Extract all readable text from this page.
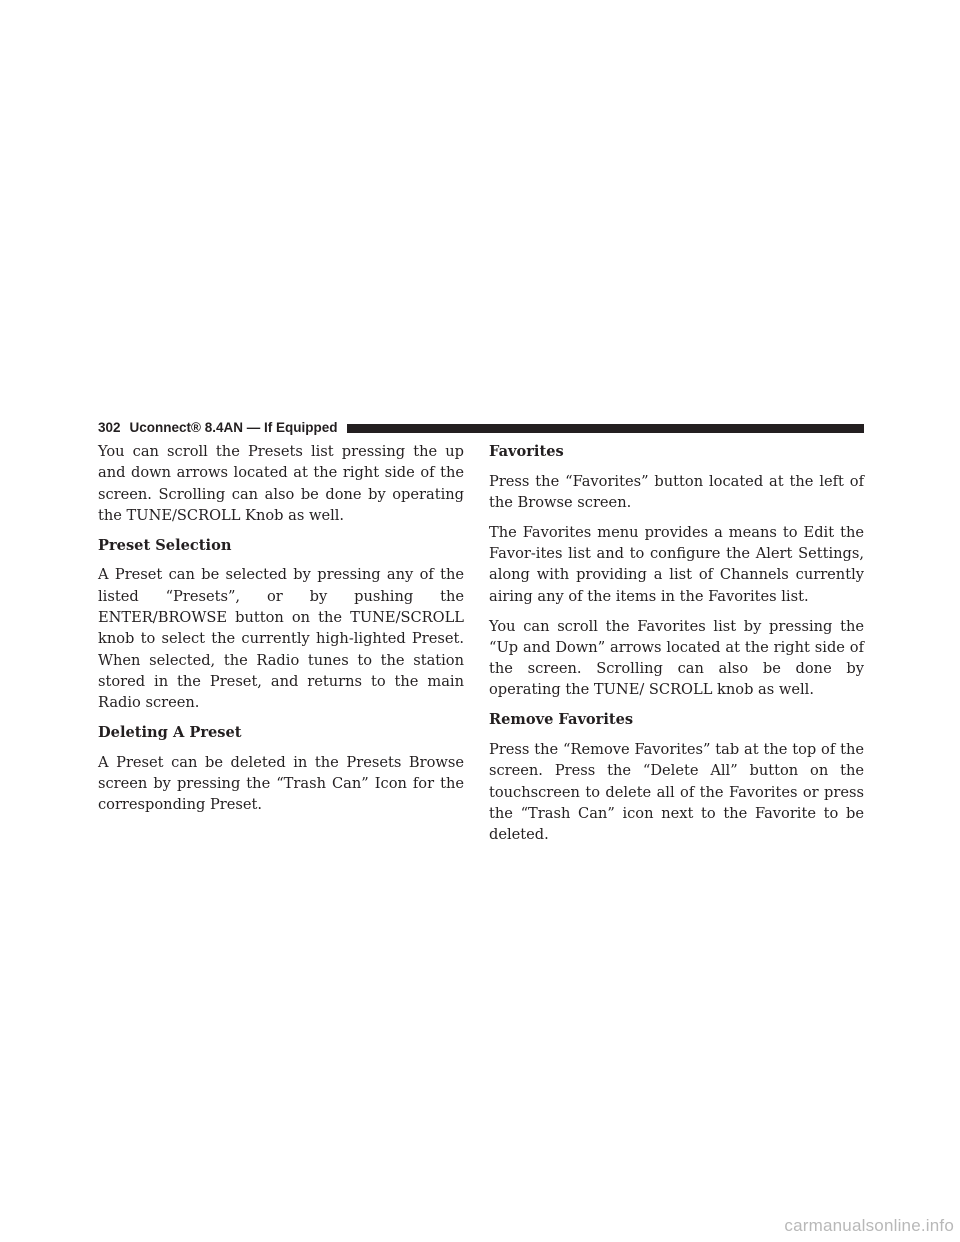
302 Uconnect® 8.4AN — If Equipped

You can scroll the Presets list pressing the up and down arrows located at the right side of the screen. Scrolling can also be done by operating the TUNE/SCROLL Knob as well.

Preset Selection

A Preset can be selected by pressing any of the listed “Presets”, or by pushing the ENTER/BROWSE button on the TUNE/SCROLL knob to select the currently high-lighted Preset. When selected, the Radio tunes to the station stored in the Preset, and returns to the main Radio screen.

Deleting A Preset

A Preset can be deleted in the Presets Browse screen by pressing the “Trash Can” Icon for the corresponding Preset.

Favorites

Press the “Favorites” button located at the left of the Browse screen.

The Favorites menu provides a means to Edit the Favor-ites list and to configure the Alert Settings, along with providing a list of Channels currently airing any of the items in the Favorites list.

You can scroll the Favorites list by pressing the “Up and Down” arrows located at the right side of the screen. Scrolling can also be done by operating the TUNE/ SCROLL knob as well.

Remove Favorites

Press the “Remove Favorites” tab at the top of the screen. Press the “Delete All” button on the touchscreen to delete all of the Favorites or press the “Trash Can” icon next to the Favorite to be deleted.

carmanualsonline.info
